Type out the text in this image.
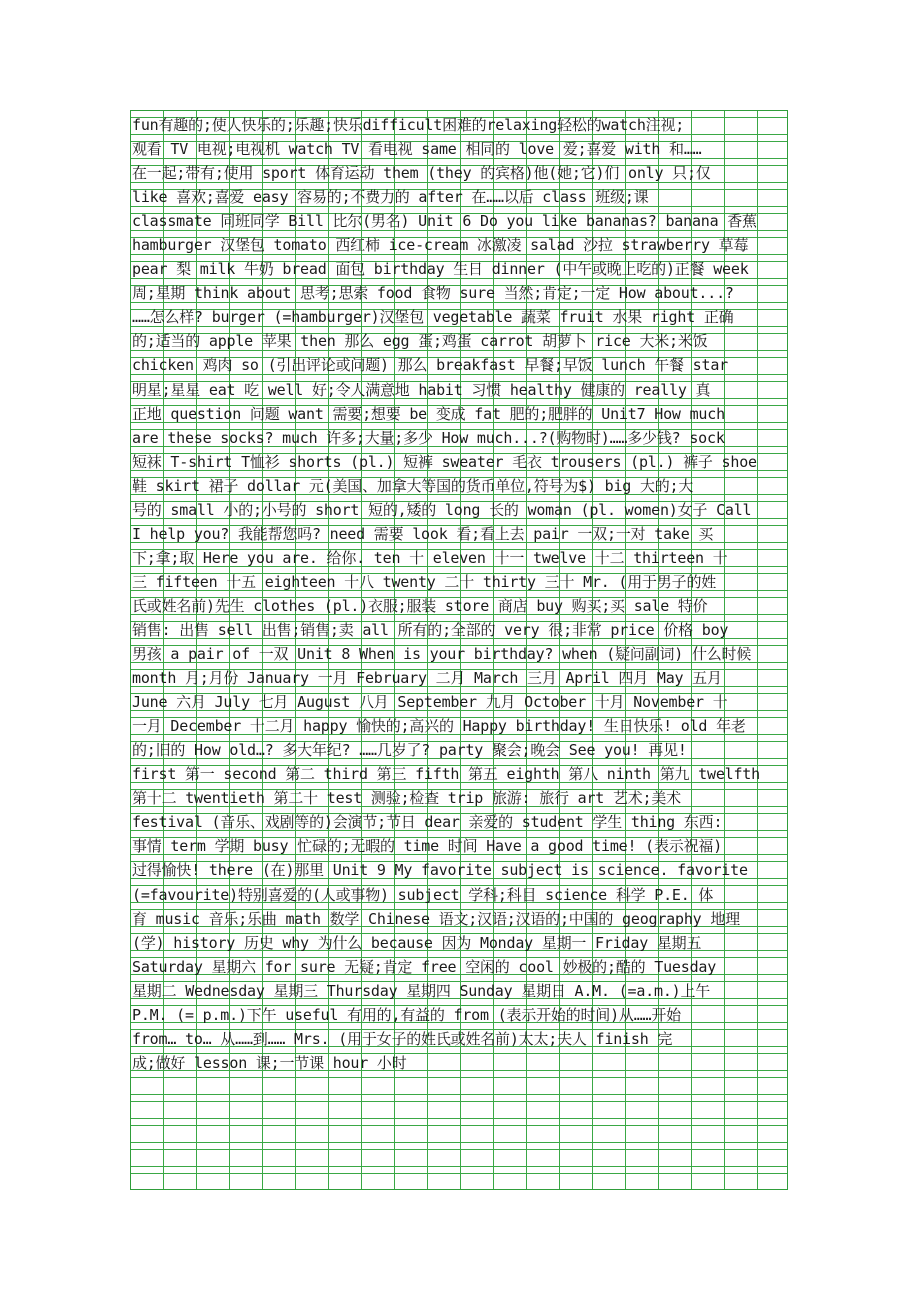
fun有趣的;使人快乐的;乐趣;快乐difficult困难的relaxing轻松的watch注视;
观看 TV 电视;电视机 watch TV 看电视 same 相同的 love 爱;喜爱 with 和……
在一起;带有;使用 sport 体育运动 them (they 的宾格)他(她;它)们 only 只;仅
like 喜欢;喜爱 easy 容易的;不费力的 after 在……以后 class 班级;课
classmate 同班同学 Bill 比尔(男名) Unit 6 Do you like bananas? banana 香蕉
hamburger 汉堡包 tomato 西红柿 ice-cream 冰激凌 salad 沙拉 strawberry 草莓
pear 梨 milk 牛奶 bread 面包 birthday 生日 dinner (中午或晚上吃的)正餐 week
周;星期 think about 思考;思索 food 食物 sure 当然;肯定;一定 How about...?
……怎么样? burger (=hamburger)汉堡包 vegetable 蔬菜 fruit 水果 right 正确
的;适当的 apple 苹果 then 那么 egg 蛋;鸡蛋 carrot 胡萝卜 rice 大米;米饭
chicken 鸡肉 so (引出评论或问题) 那么 breakfast 早餐;早饭 lunch 午餐 star
明星;星星 eat 吃 well 好;令人满意地 habit 习惯 healthy 健康的 really 真
正地 question 问题 want 需要;想要 be 变成 fat 肥的;肥胖的 Unit7 How much
are these socks? much 许多;大量;多少 How much...?(购物时)……多少钱? sock
短袜 T-shirt T恤衫 shorts (pl.) 短裤 sweater 毛衣 trousers (pl.) 裤子 shoe
鞋 skirt 裙子 dollar 元(美国、加拿大等国的货币单位,符号为$) big 大的;大
号的 small 小的;小号的 short 短的,矮的 long 长的 woman (pl. women)女子 Call
I help you? 我能帮您吗? need 需要 look 看;看上去 pair 一双;一对 take 买
下;拿;取 Here you are. 给你. ten 十 eleven 十一 twelve 十二 thirteen 十
三 fifteen 十五 eighteen 十八 twenty 二十 thirty 三十 Mr. (用于男子的姓
氏或姓名前)先生 clothes (pl.)衣服;服装 store 商店 buy 购买;买 sale 特价
销售: 出售 sell 出售;销售;卖 all 所有的;全部的 very 很;非常 price 价格 boy
男孩 a pair of 一双 Unit 8 When is your birthday? when (疑问副词) 什么时候
month 月;月份 January 一月 February 二月 March 三月 April 四月 May 五月
June 六月 July 七月 August 八月 September 九月 October 十月 November 十
一月 December 十二月 happy 愉快的;高兴的 Happy birthday! 生日快乐! old 年老
的;旧的 How old…? 多大年纪? ……几岁了? party 聚会;晚会 See you! 再见!
first 第一 second 第二 third 第三 fifth 第五 eighth 第八 ninth 第九 twelfth
第十二 twentieth 第二十 test 测验;检查 trip 旅游: 旅行 art 艺术;美术
festival (音乐、戏剧等的)会演节;节日 dear 亲爱的 student 学生 thing 东西:
事情 term 学期 busy 忙碌的;无暇的 time 时间 Have a good time! (表示祝福)
过得愉快! there (在)那里 Unit 9 My favorite subject is science. favorite
(=favourite)特别喜爱的(人或事物) subject 学科;科目 science 科学 P.E. 体
育 music 音乐;乐曲 math 数学 Chinese 语文;汉语;汉语的;中国的 geography 地理
(学) history 历史 why 为什么 because 因为 Monday 星期一 Friday 星期五
Saturday 星期六 for sure 无疑;肯定 free 空闲的 cool 妙极的;酷的 Tuesday
星期二 Wednesday 星期三 Thursday 星期四 Sunday 星期日 A.M. (=a.m.)上午
P.M. (= p.m.)下午 useful 有用的,有益的 from (表示开始的时间)从……开始
from… to… 从……到…… Mrs. (用于女子的姓氏或姓名前)太太;夫人 finish 完
成;做好 lesson 课;一节课 hour 小时
